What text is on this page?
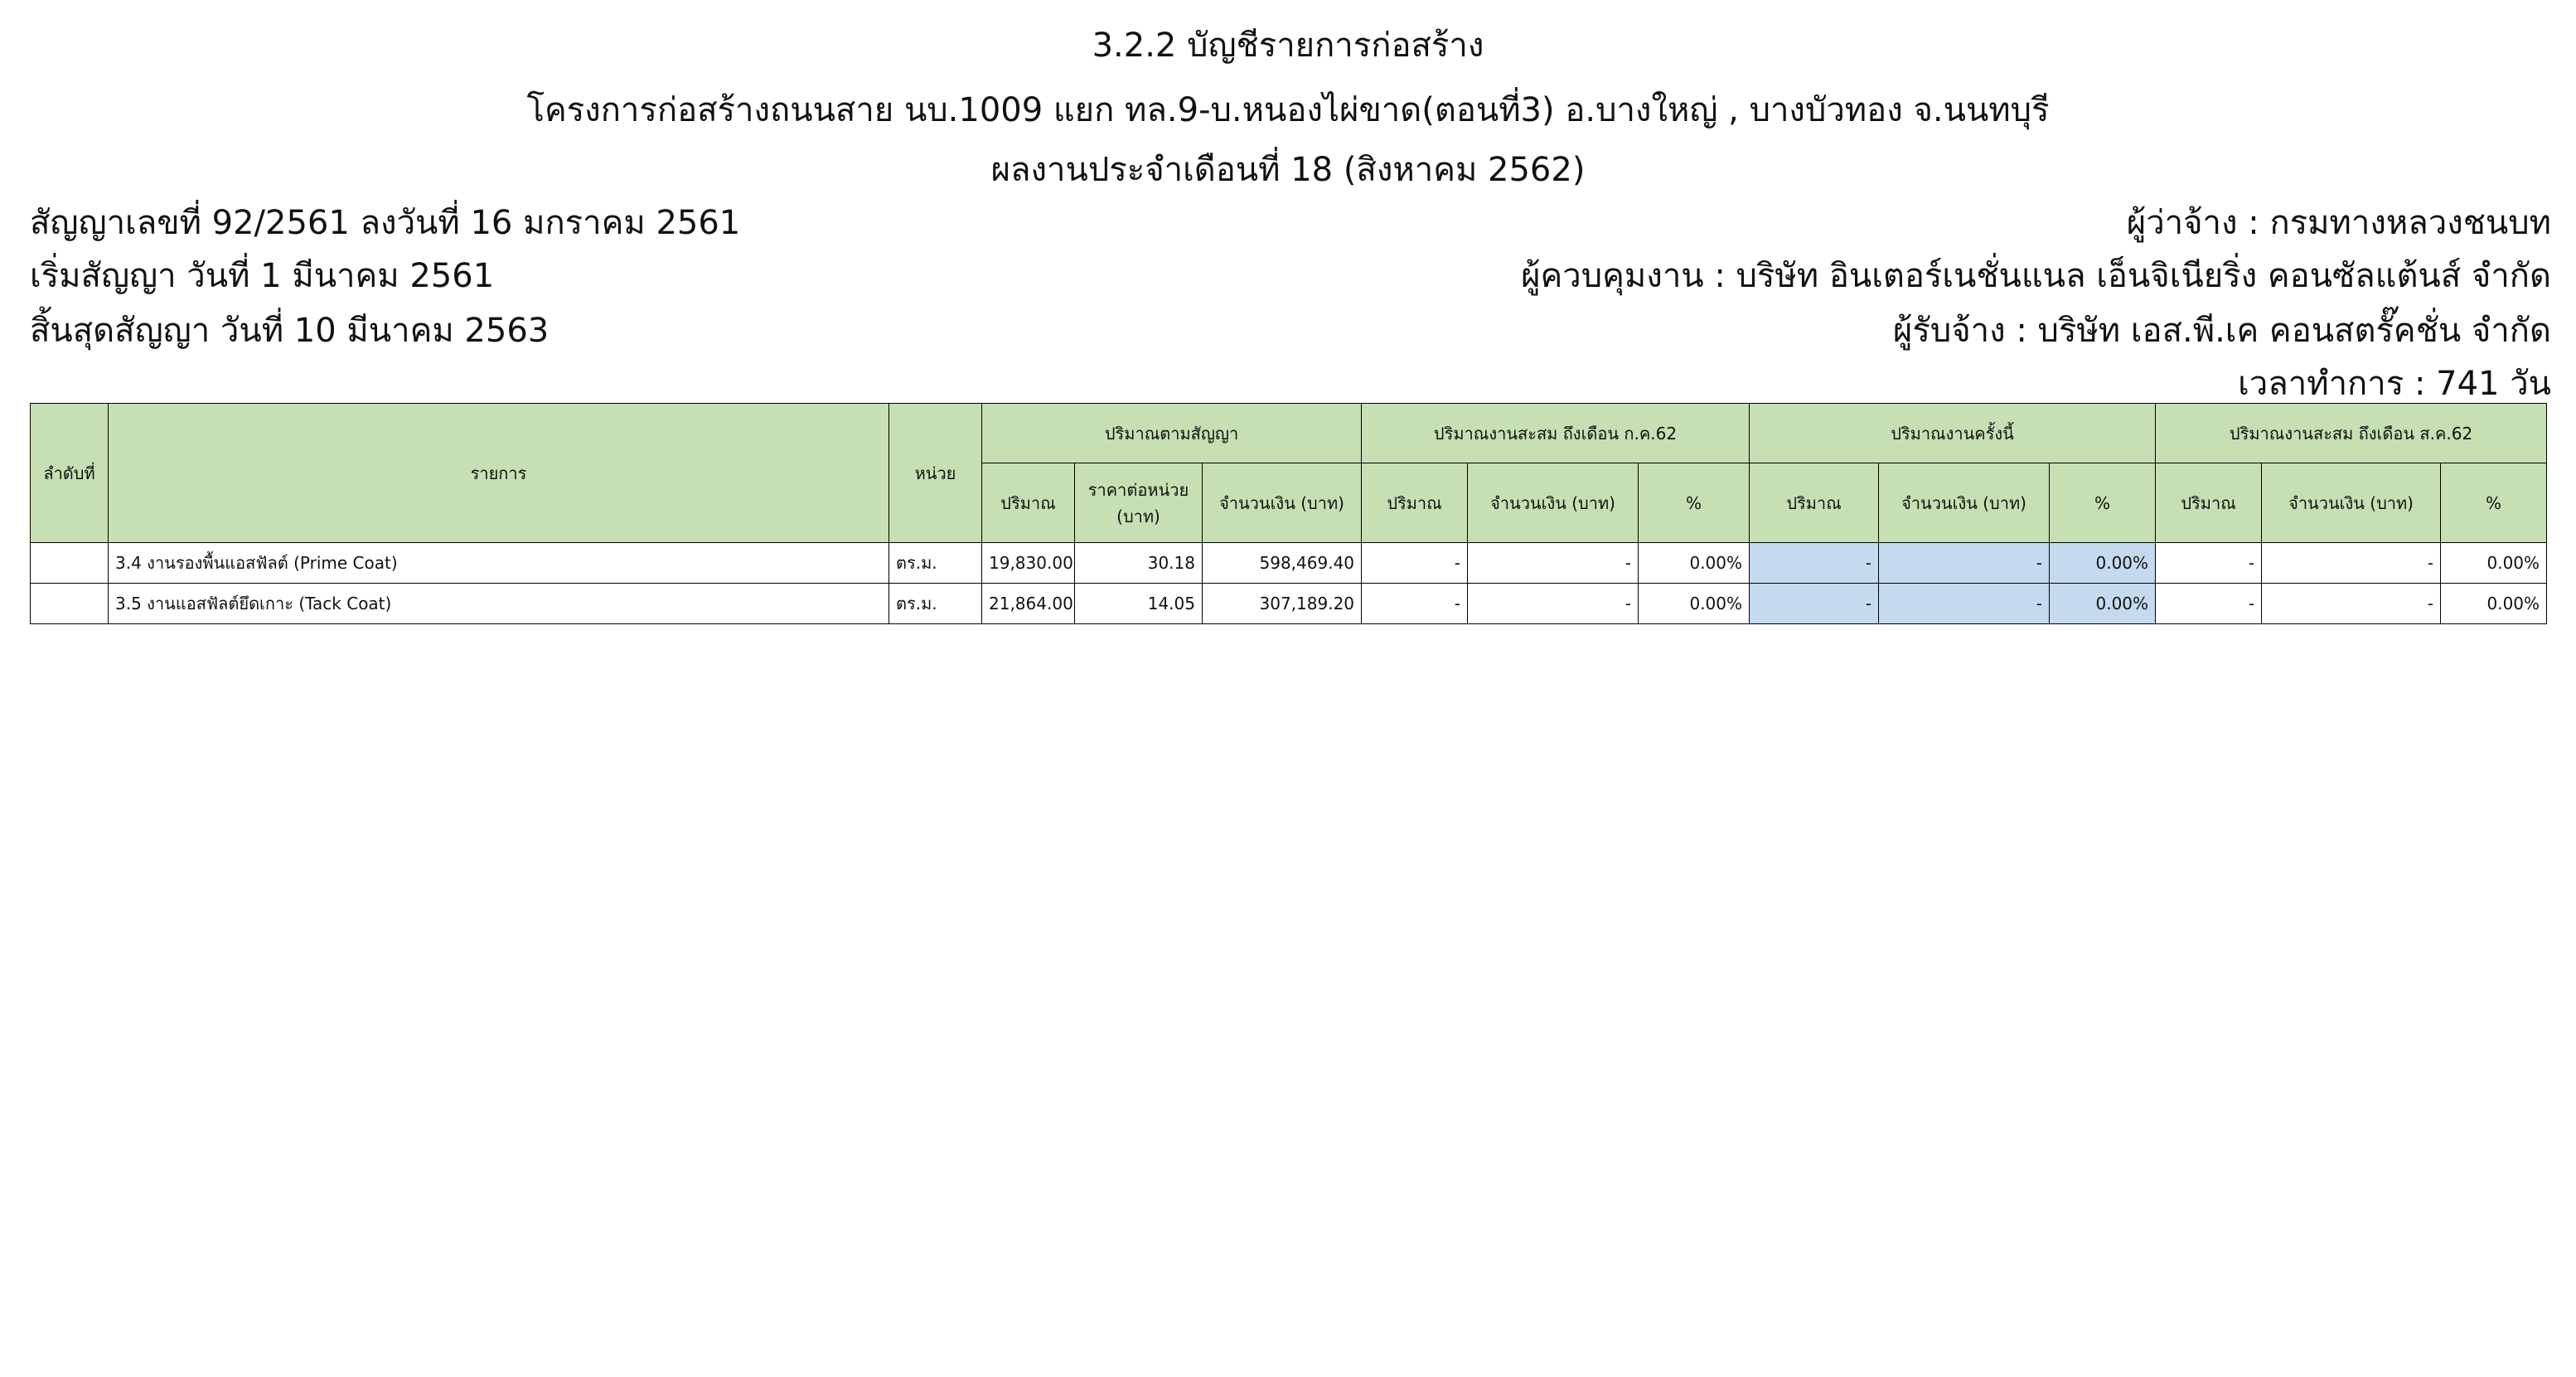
3.2.2 บัญชีรายการก่อสร้าง
โครงการก่อสร้างถนนสาย นบ.1009 แยก ทล.9-บ.หนองไผ่ขาด(ตอนที่3) อ.บางใหญ่ , บางบัวทอง จ.นนทบุรี
ผลงานประจำเดือนที่ 18 (สิงหาคม 2562)
สัญญาเลขที่ 92/2561 ลงวันที่ 16 มกราคม 2561
เริ่มสัญญา วันที่ 1 มีนาคม 2561
สิ้นสุดสัญญา วันที่ 10 มีนาคม 2563
ผู้ว่าจ้าง : กรมทางหลวงชนบท
ผู้ควบคุมงาน : บริษัท อินเตอร์เนชั่นแนล เอ็นจิเนียริ่ง คอนซัลแต้นส์ จำกัด
ผู้รับจ้าง : บริษัท เอส.พี.เค คอนสตรั๊คชั่น จำกัด
เวลาทำการ : 741 วัน
ลำดับที่	รายการ	หน่วย	ปริมาณตามสัญญา			ปริมาณงานสะสม ถึงเดือน ก.ค.62			ปริมาณงานครั้งนี้			ปริมาณงานสะสม ถึงเดือน ส.ค.62		
			ปริมาณ	ราคาต่อหน่วย (บาท)	จำนวนเงิน (บาท)	ปริมาณ	จำนวนเงิน (บาท)	%	ปริมาณ	จำนวนเงิน (บาท)	%	ปริมาณ	จำนวนเงิน (บาท)	%
	3.4 งานรองพื้นแอสฟัลต์ (Prime Coat)	ตร.ม.	19,830.00	30.18	598,469.40	-	-	0.00%	-	-	0.00%	-	-	0.00%
	3.5 งานแอสฟัลต์ยึดเกาะ (Tack Coat)	ตร.ม.	21,864.00	14.05	307,189.20	-	-	0.00%	-	-	0.00%	-	-	0.00%
